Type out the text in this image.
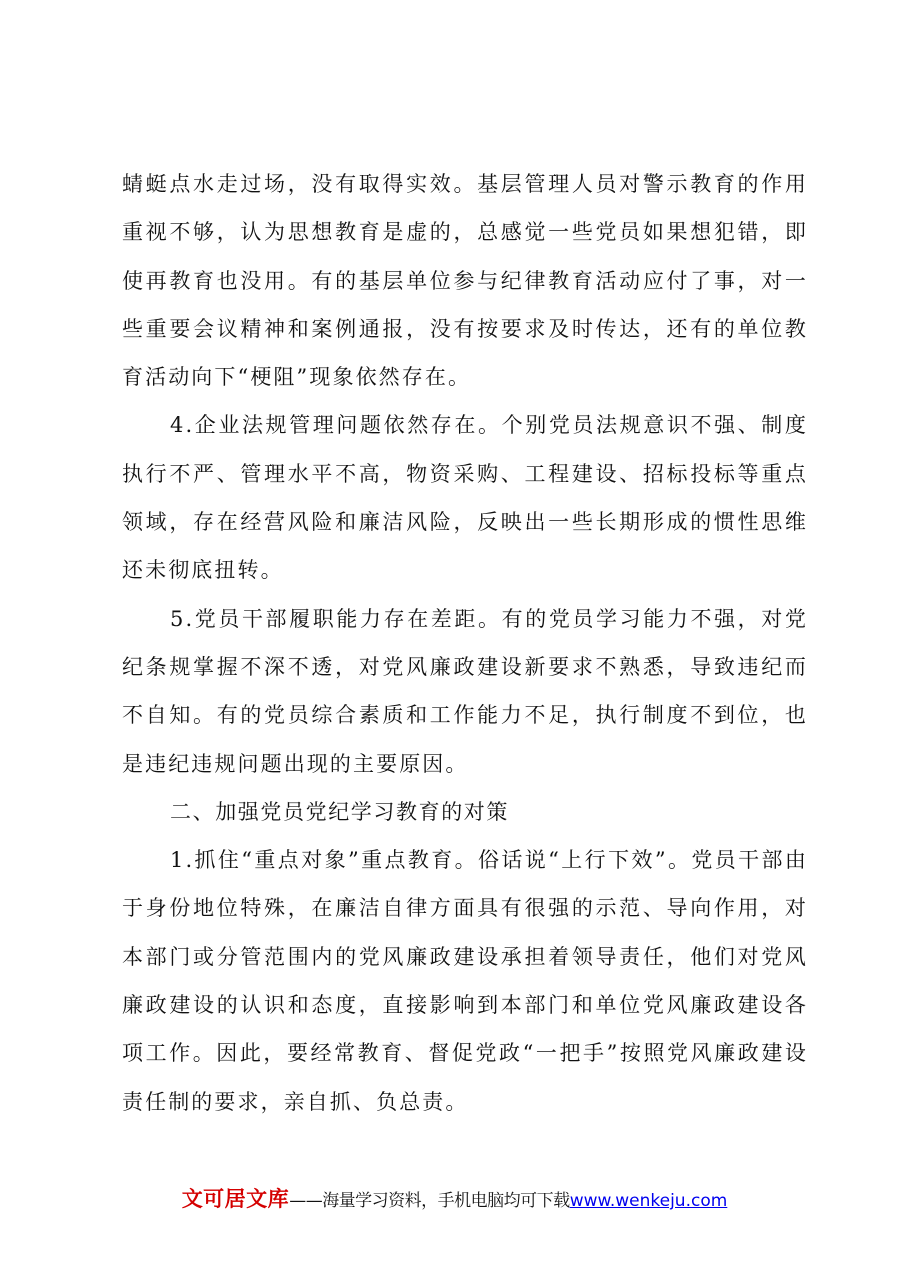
蜻蜓点水走过场，没有取得实效。基层管理人员对警示教育的作用重视不够，认为思想教育是虚的，总感觉一些党员如果想犯错，即使再教育也没用。有的基层单位参与纪律教育活动应付了事，对一些重要会议精神和案例通报，没有按要求及时传达，还有的单位教育活动向下“梗阻”现象依然存在。

4.企业法规管理问题依然存在。个别党员法规意识不强、制度执行不严、管理水平不高，物资采购、工程建设、招标投标等重点领域，存在经营风险和廉洁风险，反映出一些长期形成的惯性思维还未彻底扭转。

5.党员干部履职能力存在差距。有的党员学习能力不强，对党纪条规掌握不深不透，对党风廉政建设新要求不熟悉，导致违纪而不自知。有的党员综合素质和工作能力不足，执行制度不到位，也是违纪违规问题出现的主要原因。

二、加强党员党纪学习教育的对策

1.抓住“重点对象”重点教育。俗话说“上行下效”。党员干部由于身份地位特殊，在廉洁自律方面具有很强的示范、导向作用，对本部门或分管范围内的党风廉政建设承担着领导责任，他们对党风廉政建设的认识和态度，直接影响到本部门和单位党风廉政建设各项工作。因此，要经常教育、督促党政“一把手”按照党风廉政建设责任制的要求，亲自抓、负总责。

文可居文库——海量学习资料，手机电脑均可下载www.wenkeju.com
